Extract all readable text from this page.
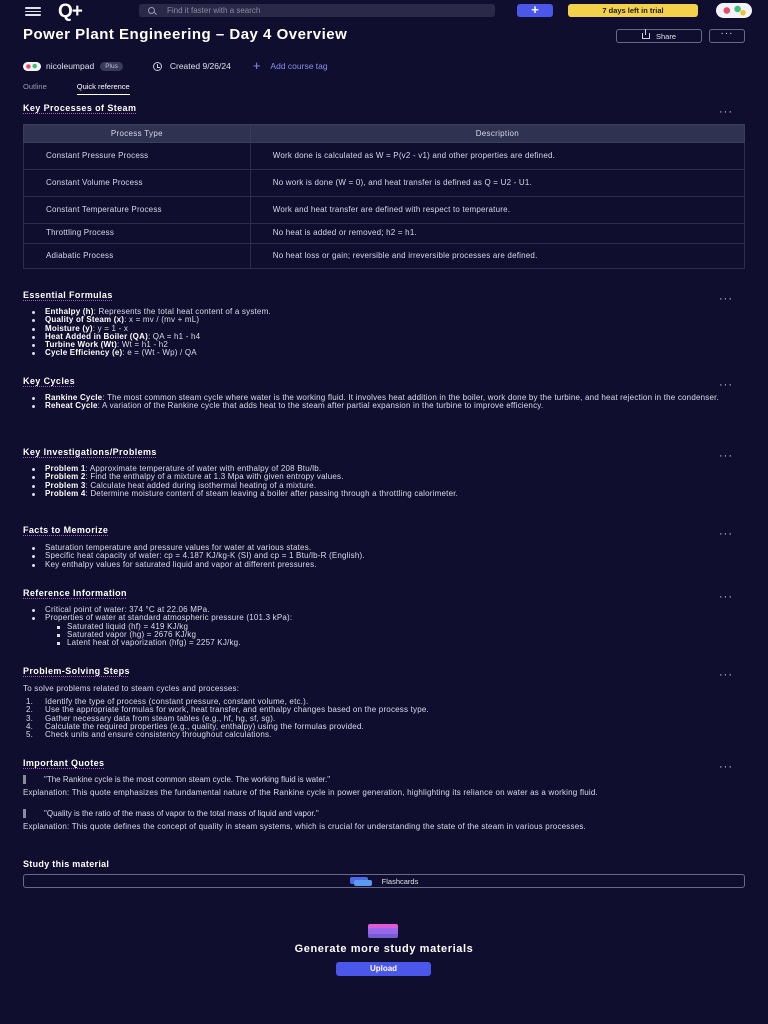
Q+
Find it faster with a search	+	7 days left in trial
Power Plant Engineering – Day 4 Overview	Share	···
nicoleumpad	Plus	Created 9/26/24 + Add course tag
Outline	Quick reference
Key Processes of Steam	···
Process Type	Description
Constant Pressure Process	Work done is calculated as W = P(v2 - v1) and other properties are defined.
Constant Volume Process	No work is done (W = 0), and heat transfer is defined as Q = U2 - U1.
Constant Temperature Process	Work and heat transfer are defined with respect to temperature.
Throttling Process	No heat is added or removed; h2 = h1.
Adiabatic Process	No heat loss or gain; reversible and irreversible processes are defined.
Essential Formulas	···
Enthalpy (h): Represents the total heat content of a system.
Quality of Steam (x): x = mv / (mv + mL)
Moisture (y): y = 1 - x
Heat Added in Boiler (QA): QA = h1 - h4
Turbine Work (Wt): Wt = h1 - h2
Cycle Efficiency (e): e = (Wt - Wp) / QA
Key Cycles	···
Rankine Cycle: The most common steam cycle where water is the working fluid. It involves heat addition in the boiler, work done by the turbine, and heat rejection in the condenser.
Reheat Cycle: A variation of the Rankine cycle that adds heat to the steam after partial expansion in the turbine to improve efficiency.
Key Investigations/Problems	···
Problem 1: Approximate temperature of water with enthalpy of 208 Btu/lb.
Problem 2: Find the enthalpy of a mixture at 1.3 Mpa with given entropy values.
Problem 3: Calculate heat added during isothermal heating of a mixture.
Problem 4: Determine moisture content of steam leaving a boiler after passing through a throttling calorimeter.
Facts to Memorize	···
Saturation temperature and pressure values for water at various states.
Specific heat capacity of water: cp = 4.187 KJ/kg-K (SI) and cp = 1 Btu/lb-R (English).
Key enthalpy values for saturated liquid and vapor at different pressures.
Reference Information	···
Critical point of water: 374 °C at 22.06 MPa.
Properties of water at standard atmospheric pressure (101.3 kPa):
Saturated liquid (hf) = 419 KJ/kg
Saturated vapor (hg) = 2676 KJ/kg
Latent heat of vaporization (hfg) = 2257 KJ/kg.
Problem-Solving Steps	···
To solve problems related to steam cycles and processes:
1. Identify the type of process (constant pressure, constant volume, etc.).
2. Use the appropriate formulas for work, heat transfer, and enthalpy changes based on the process type.
3. Gather necessary data from steam tables (e.g., hf, hg, sf, sg).
4. Calculate the required properties (e.g., quality, enthalpy) using the formulas provided.
5. Check units and ensure consistency throughout calculations.
Important Quotes	···
"The Rankine cycle is the most common steam cycle. The working fluid is water."
Explanation: This quote emphasizes the fundamental nature of the Rankine cycle in power generation, highlighting its reliance on water as a working fluid.
"Quality is the ratio of the mass of vapor to the total mass of liquid and vapor."
Explanation: This quote defines the concept of quality in steam systems, which is crucial for understanding the state of the steam in various processes.
Study this material
Flashcards
Generate more study materials
Upload
